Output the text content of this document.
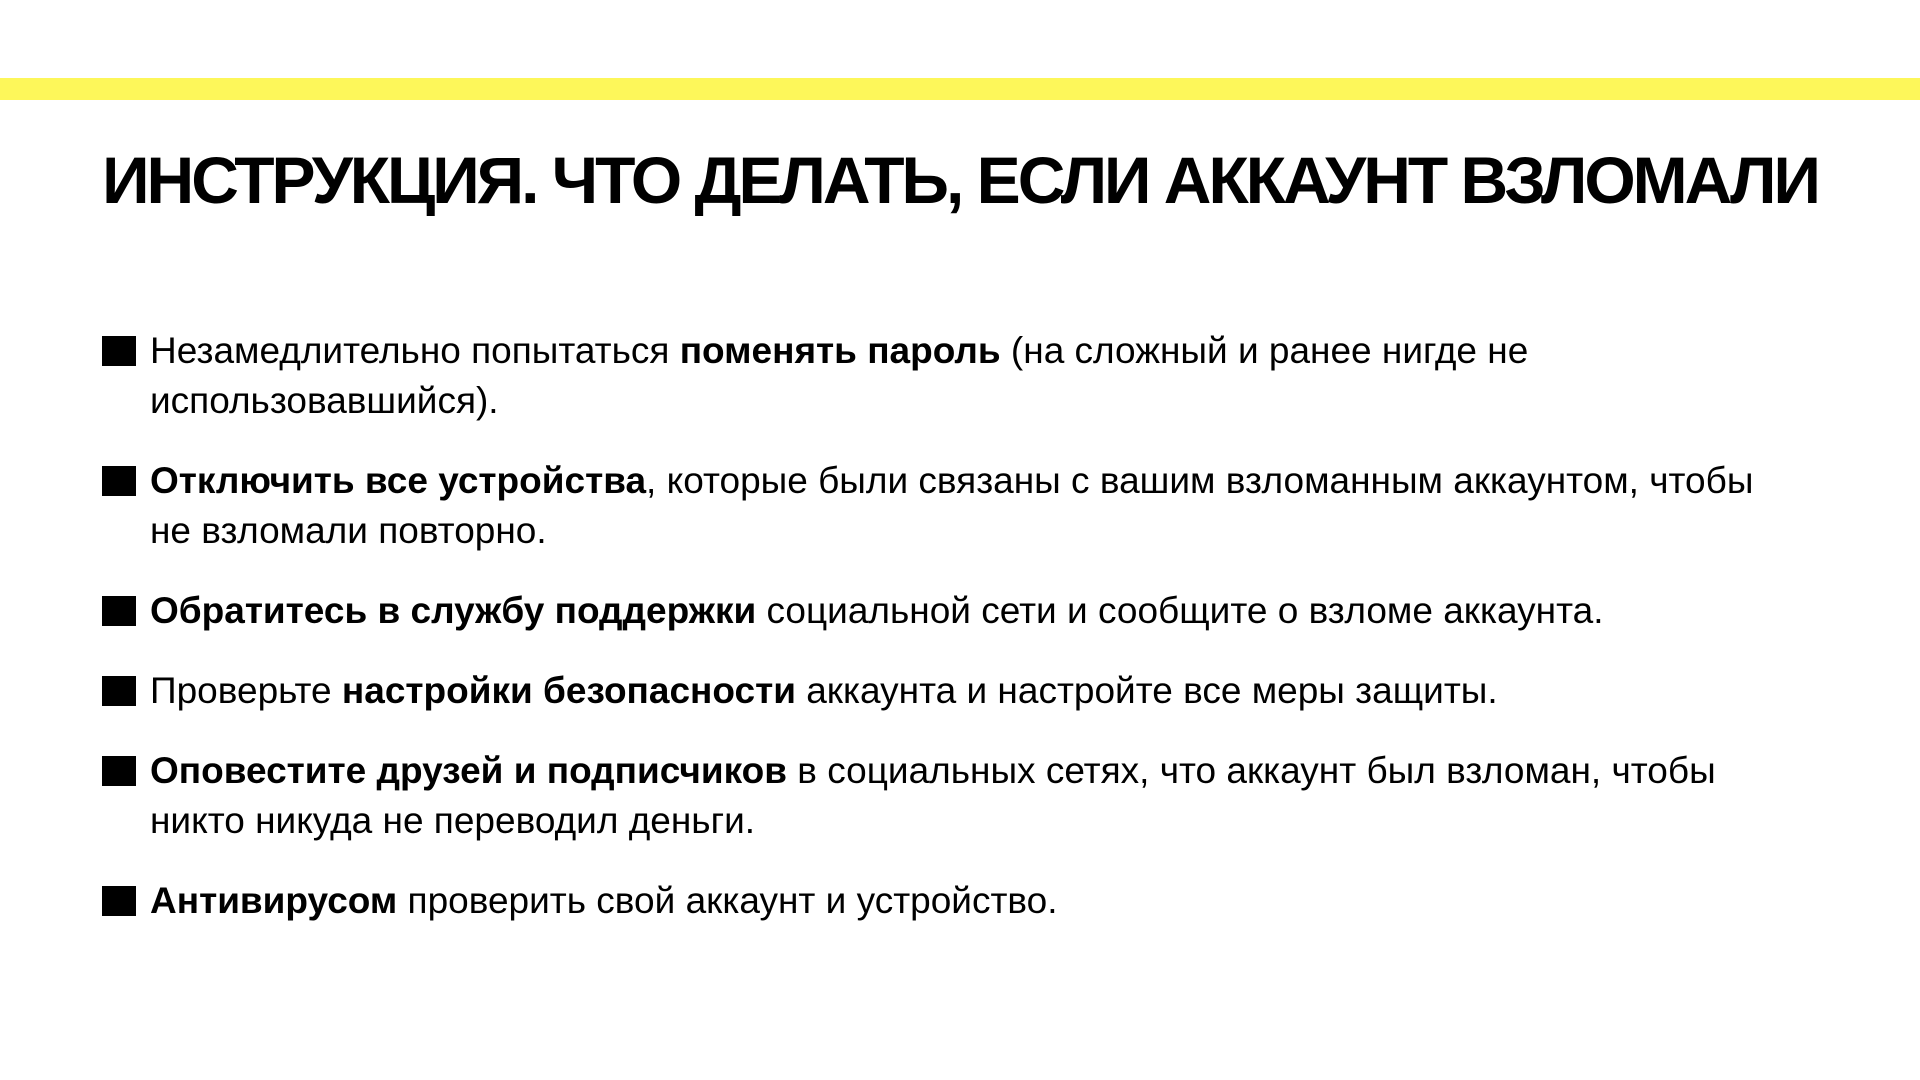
ИНСТРУКЦИЯ. ЧТО ДЕЛАТЬ, ЕСЛИ АККАУНТ ВЗЛОМАЛИ
Незамедлительно попытаться поменять пароль (на сложный и ранее нигде не использовавшийся).
Отключить все устройства, которые были связаны с вашим взломанным аккаунтом, чтобы не взломали повторно.
Обратитесь в службу поддержки социальной сети и сообщите о взломе аккаунта.
Проверьте настройки безопасности аккаунта и настройте все меры защиты.
Оповестите друзей и подписчиков в социальных сетях, что аккаунт был взломан, чтобы никто никуда не переводил деньги.
Антивирусом проверить свой аккаунт и устройство.
